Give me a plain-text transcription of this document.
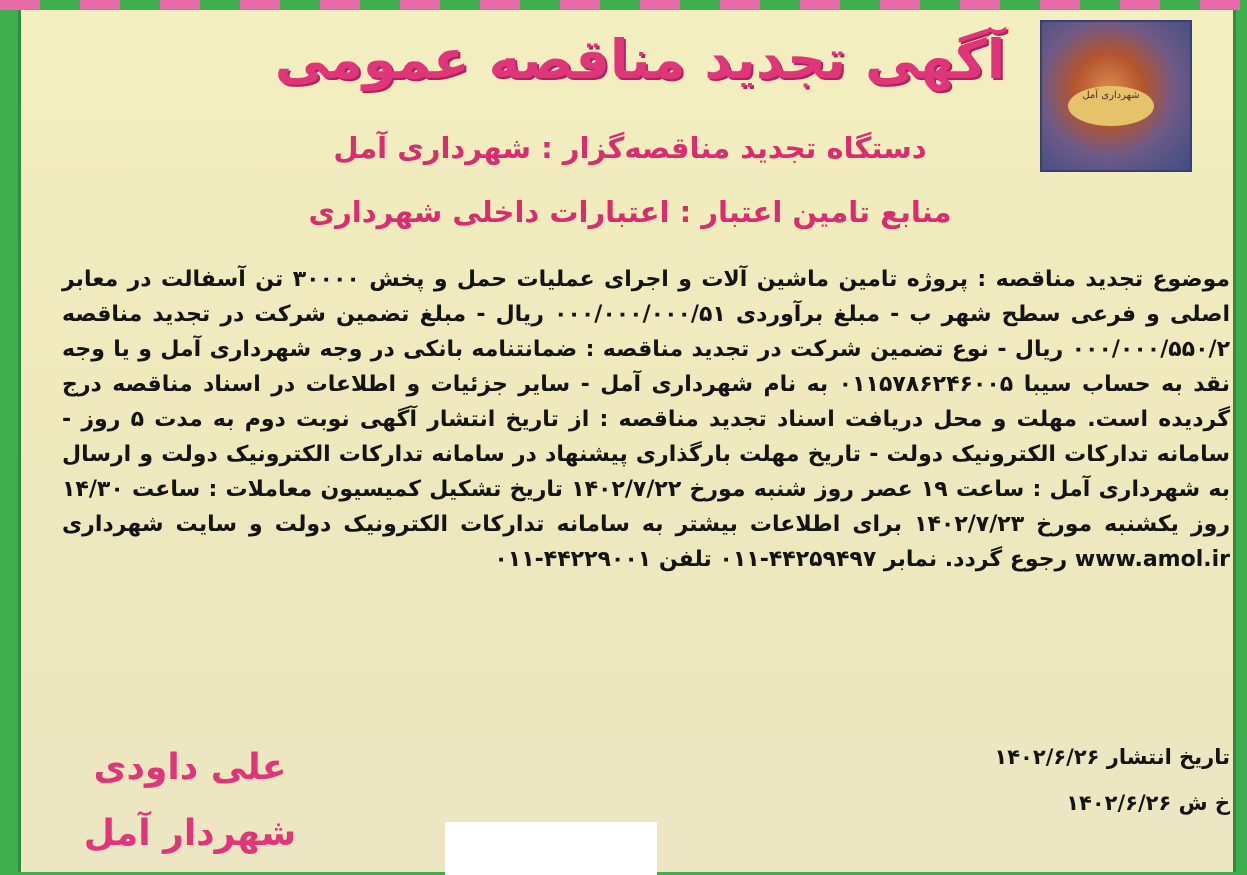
شهرداری آمل
آگهی تجدید مناقصه عمومی
دستگاه تجدید مناقصه‌گزار : شهرداری آمل
منابع تامین اعتبار : اعتبارات داخلی شهرداری
موضوع تجدید مناقصه : پروژه تامین ماشین آلات و اجرای عملیات حمل و پخش ۳۰۰۰۰ تن آسفالت در معابر اصلی و فرعی سطح شهر ب - مبلغ برآوردی ۰۰۰/۰۰۰/۰۰۰/۵۱ ریال - مبلغ تضمین شرکت در تجدید مناقصه ۰۰۰/۰۰۰/۵۵۰/۲ ریال - نوع تضمین شرکت در تجدید مناقصه : ضمانتنامه بانکی در وجه شهرداری آمل و یا وجه نقد به حساب سیبا ۰۱۱۵۷۸۶۲۴۶۰۰۵ به نام شهرداری آمل - سایر جزئیات و اطلاعات در اسناد مناقصه درج گردیده است. مهلت و محل دریافت اسناد تجدید مناقصه : از تاریخ انتشار آگهی نوبت دوم به مدت ۵ روز - سامانه تدارکات الکترونیک دولت - تاریخ مهلت بارگذاری پیشنهاد در سامانه تدارکات الکترونیک دولت و ارسال به شهرداری آمل : ساعت ۱۹ عصر روز شنبه مورخ ۱۴۰۲/۷/۲۲ تاریخ تشکیل کمیسیون معاملات : ساعت ۱۴/۳۰ روز یکشنبه مورخ ۱۴۰۲/۷/۲۳ برای اطلاعات بیشتر به سامانه تدارکات الکترونیک دولت و سایت شهرداری www.amol.ir رجوع گردد. نمابر ۴۴۲۵۹۴۹۷-۰۱۱ تلفن ۴۴۲۲۹۰۰۱-۰۱۱
تاریخ انتشار ۱۴۰۲/۶/۲۶
خ ش ۱۴۰۲/۶/۲۶
علی داودی
شهردار آمل
